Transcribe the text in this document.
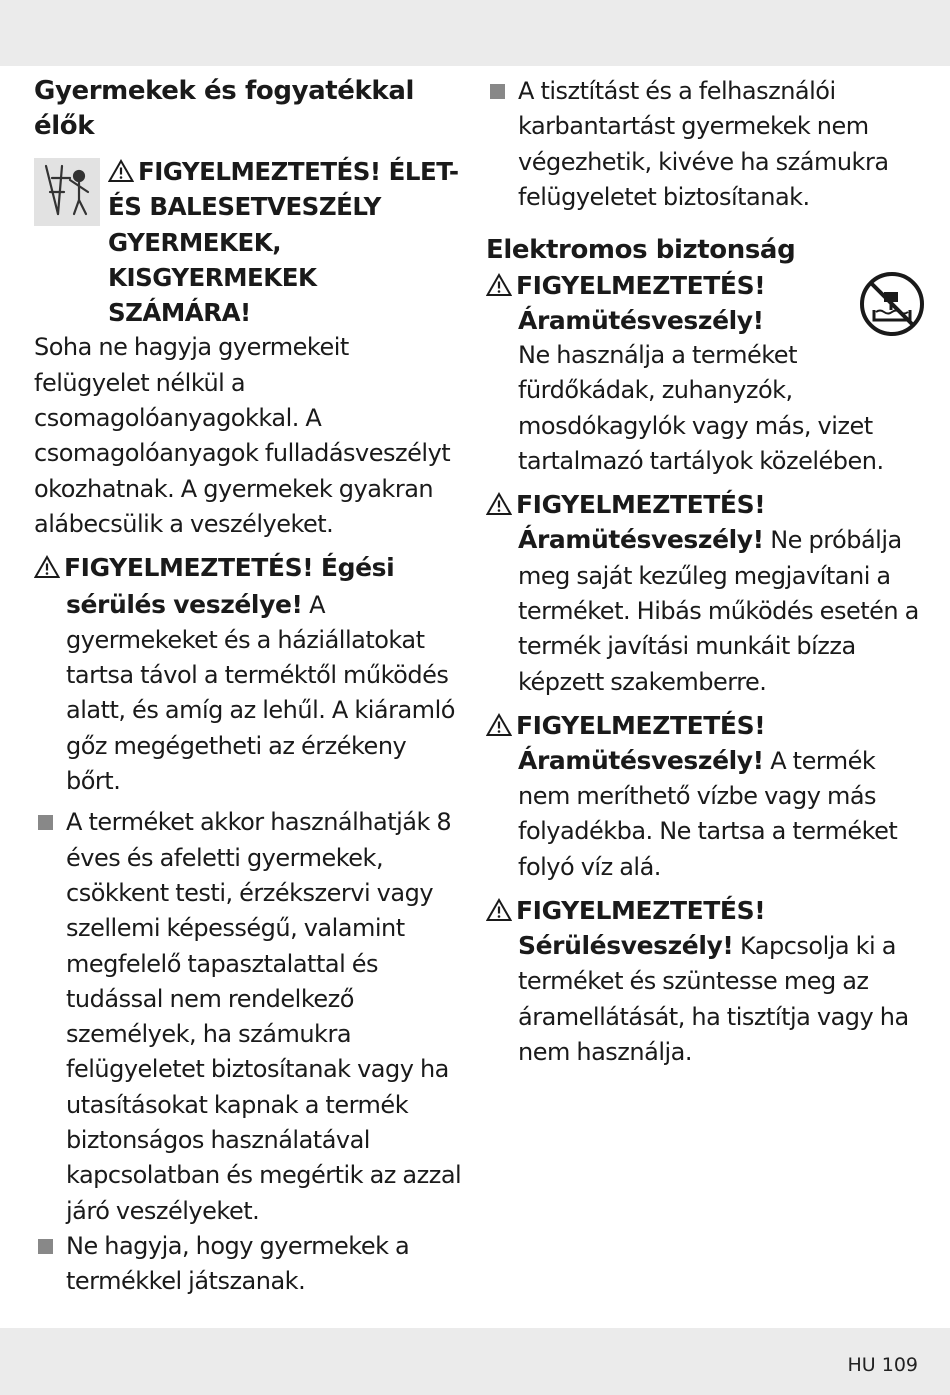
Gyermekek és fogyatékkal élők
FIGYELMEZTETÉS! ÉLET-
ÉS BALESETVESZÉLY
GYERMEKEK,
KISGYERMEKEK
SZÁMÁRA!

Soha ne hagyja gyermekeit felügyelet nélkül a csomagolóanyagokkal. A csomagolóanyagok fulladásveszélyt okozhatnak. A gyermekek gyakran alábecsülik a veszélyeket.

FIGYELMEZTETÉS! Égési sérülés veszélye! A gyermekeket és a háziállatokat tartsa távol a terméktől működés alatt, és amíg az lehűl. A kiáramló gőz megégetheti az érzékeny bőrt.
A terméket akkor használhatják 8 éves és afeletti gyermekek, csökkent testi, érzékszervi vagy szellemi képességű, valamint megfelelő tapasztalattal és tudással nem rendelkező személyek, ha számukra felügyeletet biztosítanak vagy ha utasításokat kapnak a termék biztonságos használatával kapcsolatban és megértik az azzal járó veszélyeket.
Ne hagyja, hogy gyermekek a termékkel játszanak.
A tisztítást és a felhasználói karbantartást gyermekek nem végezhetik, kivéve ha számukra felügyeletet biztosítanak.
Elektromos biztonság
FIGYELMEZTETÉS!
Áramütésveszély!
Ne használja a terméket fürdőkádak, zuhanyzók, mosdókagylók vagy más, vizet tartalmazó tartályok közelében.
FIGYELMEZTETÉS!
Áramütésveszély! Ne próbálja meg saját kezűleg megjavítani a terméket. Hibás működés esetén a termék javítási munkáit bízza képzett szakemberre.
FIGYELMEZTETÉS!
Áramütésveszély! A termék nem meríthető vízbe vagy más folyadékba. Ne tartsa a terméket folyó víz alá.
FIGYELMEZTETÉS!
Sérülésveszély! Kapcsolja ki a terméket és szüntesse meg az áramellátását, ha tisztítja vagy ha nem használja.
HU 109
